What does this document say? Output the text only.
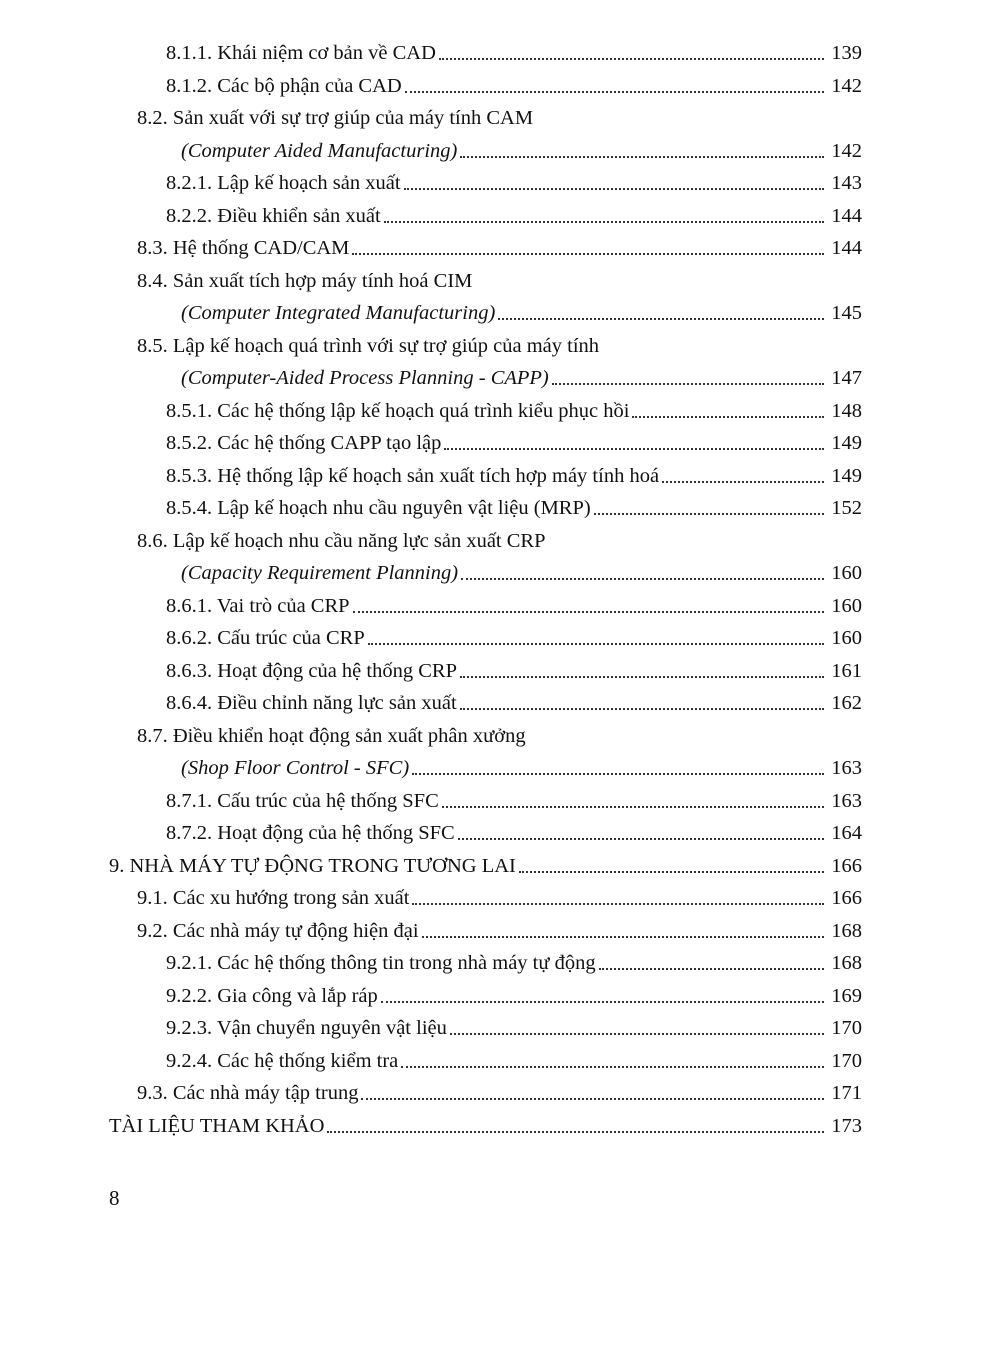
8.1.1. Khái niệm cơ bản về CAD	139
8.1.2. Các bộ phận của CAD	142
8.2. Sản xuất với sự trợ giúp của máy tính CAM
(Computer Aided Manufacturing)	142
8.2.1. Lập kế hoạch sản xuất	143
8.2.2. Điều khiển sản xuất	144
8.3. Hệ thống CAD/CAM	144
8.4. Sản xuất tích hợp máy tính hoá CIM
(Computer Integrated Manufacturing)	145
8.5. Lập kế hoạch quá trình với sự trợ giúp của máy tính
(Computer-Aided Process Planning - CAPP)	147
8.5.1. Các hệ thống lập kế hoạch quá trình kiểu phục hồi	148
8.5.2. Các hệ thống CAPP tạo lập	149
8.5.3. Hệ thống lập kế hoạch sản xuất tích hợp máy tính hoá	149
8.5.4. Lập kế hoạch nhu cầu nguyên vật liệu (MRP)	152
8.6. Lập kế hoạch nhu cầu năng lực sản xuất CRP
(Capacity Requirement Planning)	160
8.6.1. Vai trò của CRP	160
8.6.2. Cấu trúc của CRP	160
8.6.3. Hoạt động của hệ thống CRP	161
8.6.4. Điều chỉnh năng lực sản xuất	162
8.7. Điều khiển hoạt động sản xuất phân xưởng
(Shop Floor Control - SFC)	163
8.7.1. Cấu trúc của hệ thống SFC	163
8.7.2. Hoạt động của hệ thống SFC	164
9. NHÀ MÁY TỰ ĐỘNG TRONG TƯƠNG LAI	166
9.1. Các xu hướng trong sản xuất	166
9.2. Các nhà máy tự động hiện đại	168
9.2.1. Các hệ thống thông tin trong nhà máy tự động	168
9.2.2. Gia công và lắp ráp	169
9.2.3. Vận chuyển nguyên vật liệu	170
9.2.4. Các hệ thống kiểm tra	170
9.3. Các nhà máy tập trung	171
TÀI LIỆU THAM KHẢO	173
8
